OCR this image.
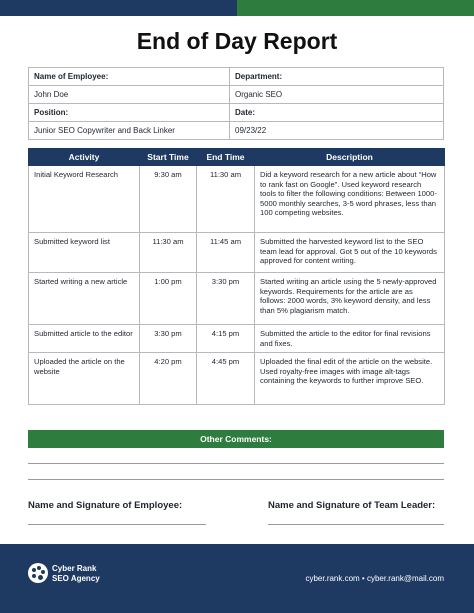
End of Day Report
Name of Employee:	Department:
John Doe	Organic SEO
Position:	Date:
Junior SEO Copywriter and Back Linker	09/23/22
Activity	Start Time	End Time	Description
Initial Keyword Research	9:30 am	11:30 am	Did a keyword research for a new article about “How to rank fast on Google”. Used keyword research tools to filter the following conditions: Between 1000-5000 monthly searches, 3-5 word phrases, less than 100 competing websites.
Submitted keyword list	11:30 am	11:45 am	Submitted the harvested keyword list to the SEO team lead for approval. Got 5 out of the 10 keywords approved for content writing.
Started writing a new article	1:00 pm	3:30 pm	Started writing an article using the 5 newly-approved keywords. Requirements for the article are as follows: 2000 words, 3% keyword density, and less than 5% plagiarism match.
Submitted article to the editor	3:30 pm	4:15 pm	Submitted the article to the editor for final revisions and fixes.
Uploaded the article on the website	4:20 pm	4:45 pm	Uploaded the final edit of the article on the website. Used royalty-free images with image alt-tags containing the keywords to further improve SEO.
Other Comments:
Name and Signature of Employee:	Name and Signature of Team Leader:
Cyber Rank
SEO Agency	cyber.rank.com • cyber.rank@mail.com
